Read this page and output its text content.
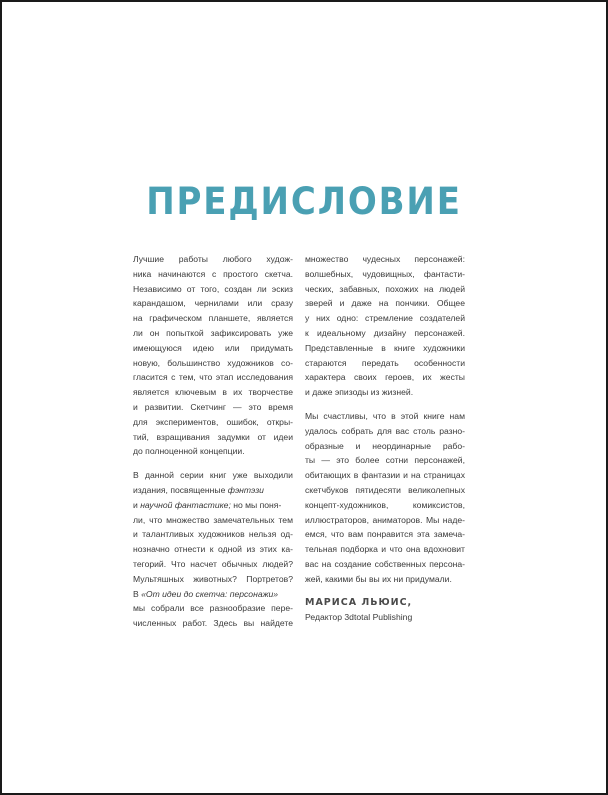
ПРЕДИСЛОВИЕ

Лучшие работы любого худож-
ника начинаются с простого скетча.
Независимо от того, создан ли эскиз
карандашом, чернилами или сразу
на графическом планшете, является
ли он попыткой зафиксировать уже
имеющуюся идею или придумать
новую, большинство художников со-
гласится с тем, что этап исследования
является ключевым в их творчестве
и развитии. Скетчинг — это время
для экспериментов, ошибок, откры-
тий, взращивания задумки от идеи
до полноценной концепции.

В данной серии книг уже выходили
издания, посвященные фэнтэзи
и научной фантастике; но мы поня-
ли, что множество замечательных тем
и талантливых художников нельзя од-
нозначно отнести к одной из этих ка-
тегорий. Что насчет обычных людей?
Мультяшных животных? Портретов?
В «От идеи до скетча: персонажи»
мы собрали все разнообразие пере-
численных работ. Здесь вы найдете

множество чудесных персонажей:
волшебных, чудовищных, фантасти-
ческих, забавных, похожих на людей
зверей и даже на пончики. Общее
у них одно: стремление создателей
к идеальному дизайну персонажей.
Представленные в книге художники
стараются передать особенности
характера своих героев, их жесты
и даже эпизоды из жизней.

Мы счастливы, что в этой книге нам
удалось собрать для вас столь разно-
образные и неординарные рабо-
ты — это более сотни персонажей,
обитающих в фантазии и на страницах
скетчбуков пятидесяти великолепных
концепт-художников, комиксистов,
иллюстраторов, аниматоров. Мы наде-
емся, что вам понравится эта замеча-
тельная подборка и что она вдохновит
вас на создание собственных персона-
жей, какими бы вы их ни придумали.

МАРИСА ЛЬЮИС,
Редактор 3dtotal Publishing
